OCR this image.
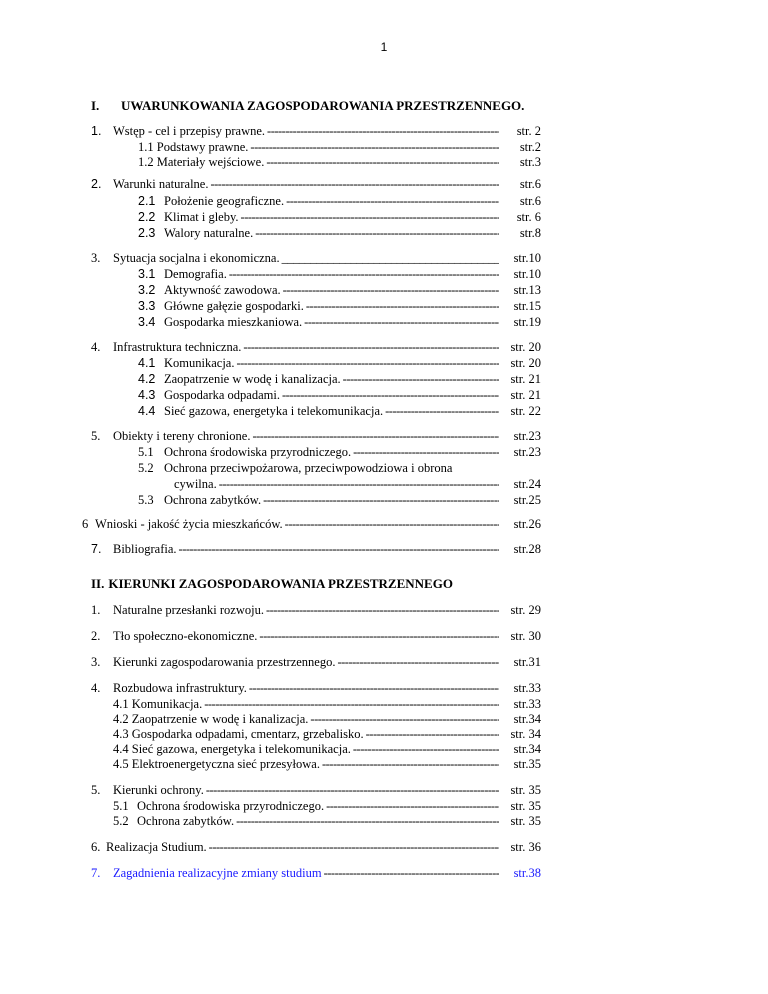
1
I. UWARUNKOWANIA ZAGOSPODAROWANIA PRZESTRZENNEGO.
1. Wstęp - cel i przepisy prawne. -----	str. 2
1.1 Podstawy prawne. -----	str.2
1.2 Materiały wejściowe. -----	str.3
2. Warunki naturalne. -----	str.6
2.1 Położenie geograficzne. -----	str.6
2.2 Klimat i gleby. -----	str. 6
2.3 Walory naturalne. -----	str.8
3.	Sytuacja socjalna i ekonomiczna. _____	str.10
3.1 Demografia. -----	str.10
3.2 Aktywność zawodowa. -----	str.13
3.3 Główne gałęzie gospodarki. -----	str.15
3.4 Gospodarka mieszkaniowa. -----	str.19
4.	Infrastruktura techniczna. -----	str. 20
4.1 Komunikacja. -----	str. 20
4.2 Zaopatrzenie w wodę i kanalizacja. -----	str. 21
4.3 Gospodarka odpadami. -----	str. 21
4.4 Sieć gazowa, energetyka i telekomunikacja. -----	str. 22
5.	Obiekty i tereny chronione. -----	str.23
5.1 Ochrona środowiska przyrodniczego. -----	str.23
5.2 Ochrona przeciwpożarowa, przeciwpowodziowa i obrona
cywilna. -----	str.24
5.3 Ochrona zabytków. -----	str.25
6 Wnioski - jakość życia mieszkańców. -----	str.26
7. Bibliografia. -----	str.28
II. KIERUNKI ZAGOSPODAROWANIA PRZESTRZENNEGO
1.	Naturalne przesłanki rozwoju. -----	str. 29
2.	Tło społeczno-ekonomiczne. -----	str. 30
3.	Kierunki zagospodarowania przestrzennego. -----	str.31
4.	Rozbudowa infrastruktury. -----	str.33
4.1 Komunikacja. -----	str.33
4.2 Zaopatrzenie w wodę i kanalizacja. -----	str.34
4.3 Gospodarka odpadami, cmentarz, grzebalisko. -----	str. 34
4.4 Sieć gazowa, energetyka i telekomunikacja. -----	str.34
4.5 Elektroenergetyczna sieć przesyłowa. -----	str.35
5.	Kierunki ochrony. -----	str. 35
5.1 Ochrona środowiska przyrodniczego. -----	str. 35
5.2 Ochrona zabytków. -----	str. 35
6. Realizacja Studium. -----	str. 36
7.	Zagadnienia realizacyjne zmiany studium -----	str.38
